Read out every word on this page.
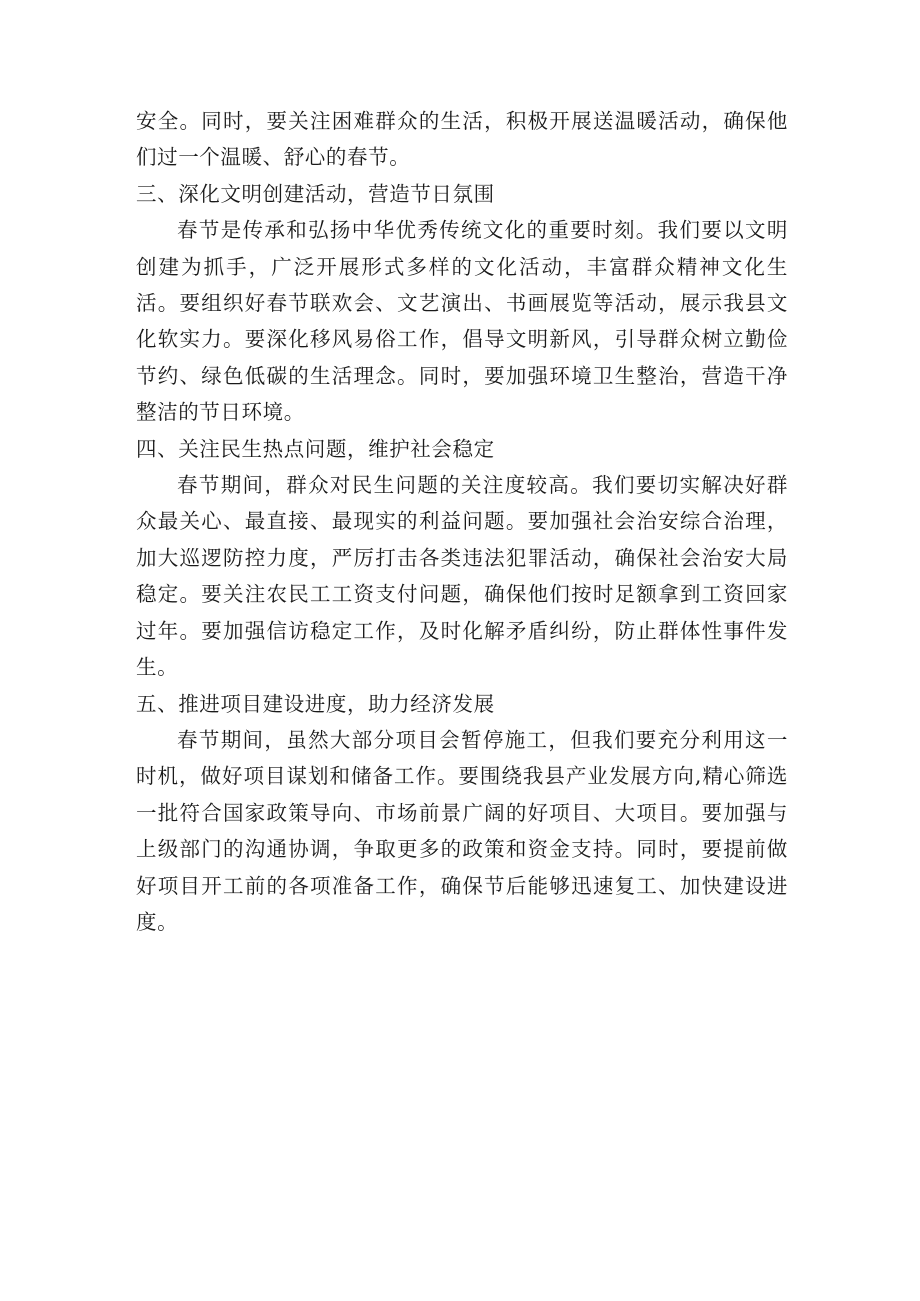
安全。同时，要关注困难群众的生活，积极开展送温暖活动，确保他们过一个温暖、舒心的春节。

三、深化文明创建活动，营造节日氛围

春节是传承和弘扬中华优秀传统文化的重要时刻。我们要以文明创建为抓手，广泛开展形式多样的文化活动，丰富群众精神文化生活。要组织好春节联欢会、文艺演出、书画展览等活动，展示我县文化软实力。要深化移风易俗工作，倡导文明新风，引导群众树立勤俭节约、绿色低碳的生活理念。同时，要加强环境卫生整治，营造干净整洁的节日环境。

四、关注民生热点问题，维护社会稳定

春节期间，群众对民生问题的关注度较高。我们要切实解决好群众最关心、最直接、最现实的利益问题。要加强社会治安综合治理，加大巡逻防控力度，严厉打击各类违法犯罪活动，确保社会治安大局稳定。要关注农民工工资支付问题，确保他们按时足额拿到工资回家过年。要加强信访稳定工作，及时化解矛盾纠纷，防止群体性事件发生。

五、推进项目建设进度，助力经济发展

春节期间，虽然大部分项目会暂停施工，但我们要充分利用这一时机，做好项目谋划和储备工作。要围绕我县产业发展方向,精心筛选一批符合国家政策导向、市场前景广阔的好项目、大项目。要加强与上级部门的沟通协调，争取更多的政策和资金支持。同时，要提前做好项目开工前的各项准备工作，确保节后能够迅速复工、加快建设进度。
